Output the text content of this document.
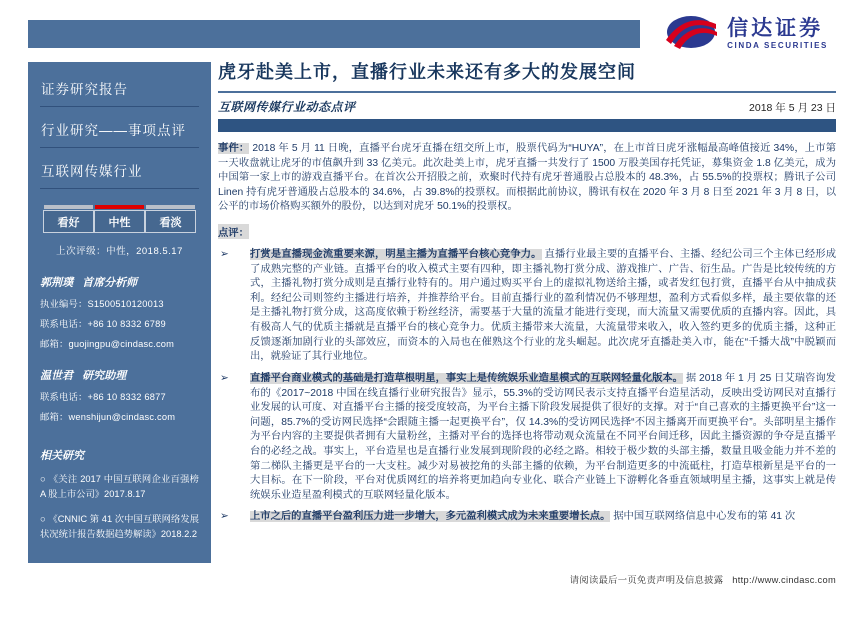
信达证券
CINDA SECURITIES
证券研究报告
行业研究——事项点评
互联网传媒行业
看好	中性	看淡
上次评级：中性，2018.5.17
郭荆璞 首席分析师
执业编号：S1500510120013
联系电话：+86 10 8332 6789
邮箱：guojingpu@cindasc.com
温世君 研究助理
联系电话：+86 10 8332 6877
邮箱：wenshijun@cindasc.com
相关研究
○ 《关注 2017 中国互联网企业百强榜 A 股上市公司》2017.8.17
○ 《CNNIC 第 41 次中国互联网络发展状况统计报告数据趋势解读》2018.2.2
信达证券股份有限公司
CINDA SECURITIES CO.,LTD
北京市西城区闹市口大街9号院1号楼
邮编：100031
虎牙赴美上市，直播行业未来还有多大的发展空间
互联网传媒行业动态点评	2018 年 5 月 23 日
事件： 2018 年 5 月 11 日晚，直播平台虎牙直播在纽交所上市，股票代码为“HUYA”，在上市首日虎牙涨幅最高峰值接近 34%，上市第一天收盘就让虎牙的市值飙升到 33 亿美元。此次赴美上市，虎牙直播一共发行了 1500 万股美国存托凭证，募集资金 1.8 亿美元，成为中国第一家上市的游戏直播平台。在首次公开招股之前，欢聚时代持有虎牙普通股占总股本的 48.3%，占 55.5%的投票权；腾讯子公司 Linen 持有虎牙普通股占总股本的 34.6%，占 39.8%的投票权。而根据此前协议，腾讯有权在 2020 年 3 月 8 日至 2021 年 3 月 8 日，以公平的市场价格购买额外的股份，以达到对虎牙 50.1%的投票权。
点评：
➢	打赏是直播现金流重要来源，明星主播为直播平台核心竞争力。 直播行业最主要的直播平台、主播、经纪公司三个主体已经形成了成熟完整的产业链。直播平台的收入模式主要有四种，即主播礼物打赏分成、游戏推广、广告、衍生品。广告是比较传统的方式，主播礼物打赏分成则是直播行业特有的。用户通过购买平台上的虚拟礼物送给主播，或者发红包打赏，直播平台从中抽成获利。经纪公司则签约主播进行培养，并推荐给平台。目前直播行业的盈利情况仍不够理想，盈利方式看似多样，最主要依靠的还是主播礼物打赏分成，这高度依赖于粉丝经济，需要基于大量的流量才能进行变现，而大流量又需要优质的直播内容。因此，具有极高人气的优质主播就是直播平台的核心竞争力。优质主播带来大流量，大流量带来收入，收入签约更多的优质主播，这种正反馈逐渐加剧行业的头部效应，而资本的入局也在催熟这个行业的龙头崛起。此次虎牙直播赴美入市，能在“千播大战”中脱颖而出，就验证了其行业地位。
➢	直播平台商业模式的基础是打造草根明星，事实上是传统娱乐业造星模式的互联网轻量化版本。 据 2018 年 1 月 25 日艾瑞咨询发布的《2017~2018 中国在线直播行业研究报告》显示，55.3%的受访网民表示支持直播平台造星活动，反映出受访网民对直播行业发展的认可度、对直播平台主播的接受度较高，为平台主播下阶段发展提供了很好的支撑。对于“自己喜欢的主播更换平台”这一问题，85.7%的受访网民选择“会跟随主播一起更换平台”，仅 14.3%的受访网民选择“不因主播离开而更换平台”。头部明星主播作为平台内容的主要提供者拥有大量粉丝，主播对平台的选择也将带动观众流量在不同平台间迁移，因此主播资源的争夺是直播平台的必经之战。事实上，平台造星也是直播行业发展到现阶段的必经之路。相较于极少数的头部主播，数量且吸金能力并不差的第二梯队主播更是平台的一大支柱。减少对易被挖角的头部主播的依赖，为平台制造更多的中流砥柱，打造草根新星是平台的一大目标。在下一阶段，平台对优质网红的培养将更加趋向专业化、联合产业链上下游孵化各垂直领域明星主播，这事实上就是传统娱乐业造星盈利模式的互联网轻量化版本。
➢	上市之后的直播平台盈利压力进一步增大，多元盈利模式成为未来重要增长点。 据中国互联网络信息中心发布的第 41 次
请阅读最后一页免责声明及信息披露 http://www.cindasc.com
